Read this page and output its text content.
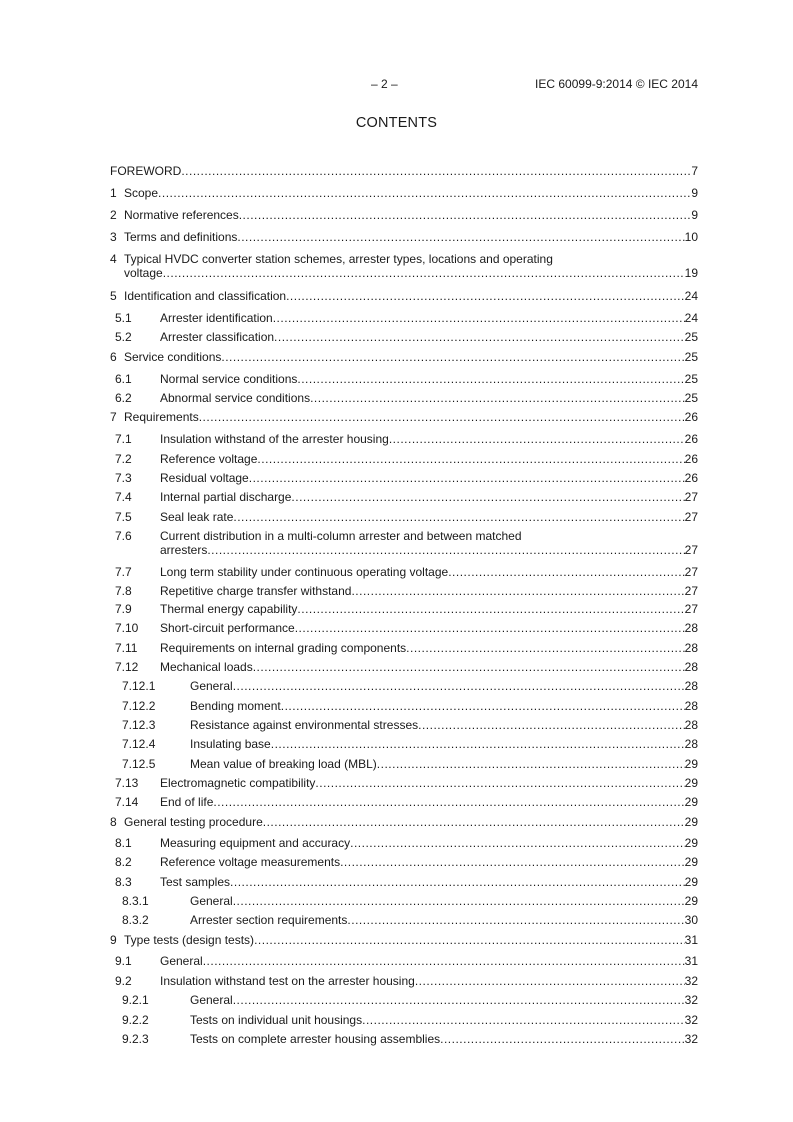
– 2 –	IEC 60099-9:2014 © IEC 2014
CONTENTS
FOREWORD .....	7
1 Scope .....	9
2 Normative references .....	9
3 Terms and definitions .....	10
4 Typical HVDC converter station schemes, arrester types, locations and operating
voltage .....	19
5 Identification and classification .....	24
5.1 Arrester identification .....	24
5.2 Arrester classification .....	25
6 Service conditions .....	25
6.1 Normal service conditions .....	25
6.2 Abnormal service conditions .....	25
7 Requirements .....	26
7.1 Insulation withstand of the arrester housing .....	26
7.2 Reference voltage .....	26
7.3 Residual voltage .....	26
7.4 Internal partial discharge .....	27
7.5 Seal leak rate .....	27
7.6 Current distribution in a multi-column arrester and between matched
arresters .....	27
7.7 Long term stability under continuous operating voltage .....	27
7.8 Repetitive charge transfer withstand .....	27
7.9 Thermal energy capability .....	27
7.10 Short-circuit performance .....	28
7.11 Requirements on internal grading components .....	28
7.12 Mechanical loads .....	28
7.12.1	General .....	28
7.12.2	Bending moment .....	28
7.12.3	Resistance against environmental stresses .....	28
7.12.4	Insulating base .....	28
7.12.5	Mean value of breaking load (MBL) .....	29
7.13 Electromagnetic compatibility .....	29
7.14 End of life .....	29
8 General testing procedure .....	29
8.1 Measuring equipment and accuracy .....	29
8.2 Reference voltage measurements .....	29
8.3 Test samples .....	29
8.3.1	General .....	29
8.3.2	Arrester section requirements .....	30
9 Type tests (design tests) .....	31
9.1 General .....	31
9.2 Insulation withstand test on the arrester housing .....	32
9.2.1	General .....	32
9.2.2	Tests on individual unit housings .....	32
9.2.3	Tests on complete arrester housing assemblies .....	32
